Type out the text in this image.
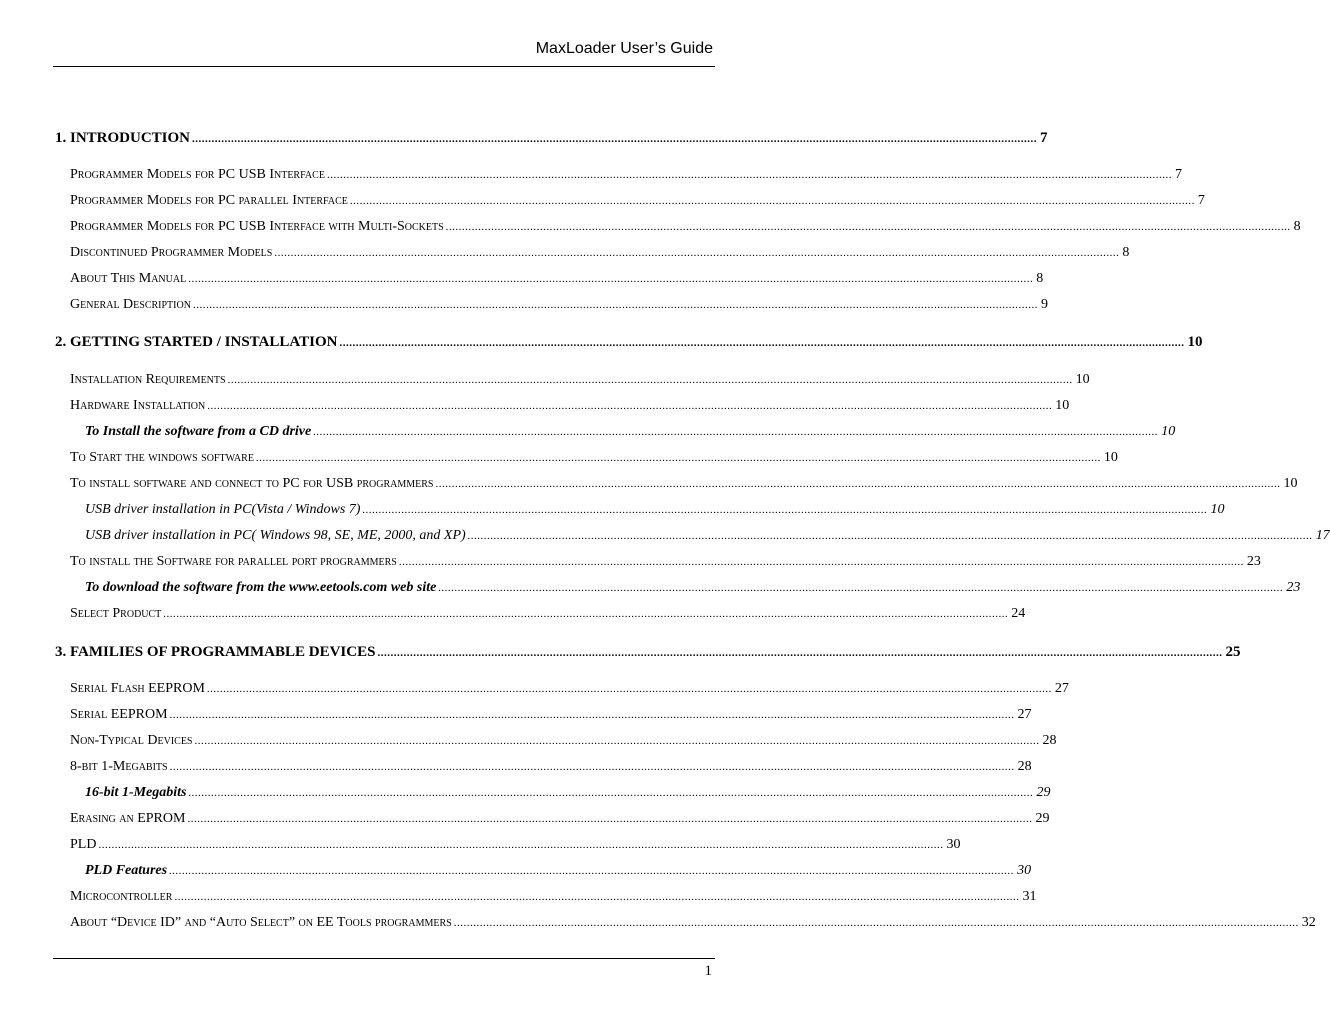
MaxLoader User’s Guide
1. INTRODUCTION .................................................................................................................................................................................................................................................................... 7
Programmer Models for PC USB Interface .................................................................................................................................................................................................................................................................... 7
Programmer Models for PC parallel Interface .................................................................................................................................................................................................................................................................... 7
Programmer Models for PC USB Interface with Multi-Sockets .................................................................................................................................................................................................................................................................... 8
Discontinued Programmer Models .................................................................................................................................................................................................................................................................... 8
About This Manual .................................................................................................................................................................................................................................................................... 8
General Description .................................................................................................................................................................................................................................................................... 9
2. GETTING STARTED / INSTALLATION .................................................................................................................................................................................................................................................................... 10
Installation Requirements .................................................................................................................................................................................................................................................................... 10
Hardware Installation .................................................................................................................................................................................................................................................................... 10
To Install the software from a CD drive .................................................................................................................................................................................................................................................................... 10
To Start the windows software .................................................................................................................................................................................................................................................................... 10
To install software and connect to PC for USB programmers .................................................................................................................................................................................................................................................................... 10
USB driver installation in PC(Vista / Windows 7) .................................................................................................................................................................................................................................................................... 10
USB driver installation in PC( Windows 98, SE, ME, 2000, and XP) .................................................................................................................................................................................................................................................................... 17
To install the Software for parallel port programmers .................................................................................................................................................................................................................................................................... 23
To download the software from the www.eetools.com web site .................................................................................................................................................................................................................................................................... 23
Select Product .................................................................................................................................................................................................................................................................... 24
3. FAMILIES OF PROGRAMMABLE DEVICES .................................................................................................................................................................................................................................................................... 25
Serial Flash EEPROM .................................................................................................................................................................................................................................................................... 27
Serial EEPROM .................................................................................................................................................................................................................................................................... 27
Non-Typical Devices .................................................................................................................................................................................................................................................................... 28
8-bit 1-Megabits .................................................................................................................................................................................................................................................................... 28
16-bit 1-Megabits .................................................................................................................................................................................................................................................................... 29
Erasing an EPROM .................................................................................................................................................................................................................................................................... 29
PLD .................................................................................................................................................................................................................................................................... 30
PLD Features .................................................................................................................................................................................................................................................................... 30
Microcontroller .................................................................................................................................................................................................................................................................... 31
About “Device ID” and “Auto Select” on EE Tools programmers .................................................................................................................................................................................................................................................................... 32
1
